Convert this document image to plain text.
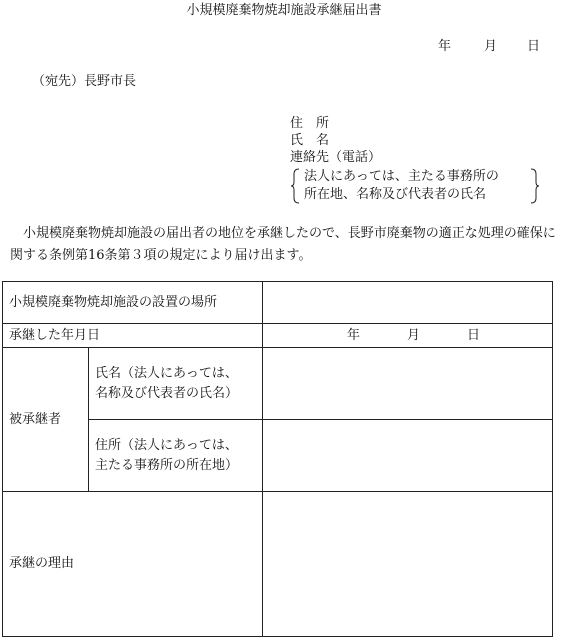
小規模廃棄物焼却施設承継届出書
年	月 日
（宛先）長野市長
住　所
氏　名
連絡先（電話）
法人にあっては、主たる事務所の
所在地、名称及び代表者の氏名
小規模廃棄物焼却施設の届出者の地位を承継したので、長野市廃棄物の適正な処理の確保に関する条例第16条第３項の規定により届け出ます。
小規模廃棄物焼却施設の設置の場所		
承継した年月日		年 月 日

被承継者	氏名（法人にあっては、
名称及び代表者の氏名）	

	住所（法人にあっては、
主たる事務所の所在地）	

承継の理由		
